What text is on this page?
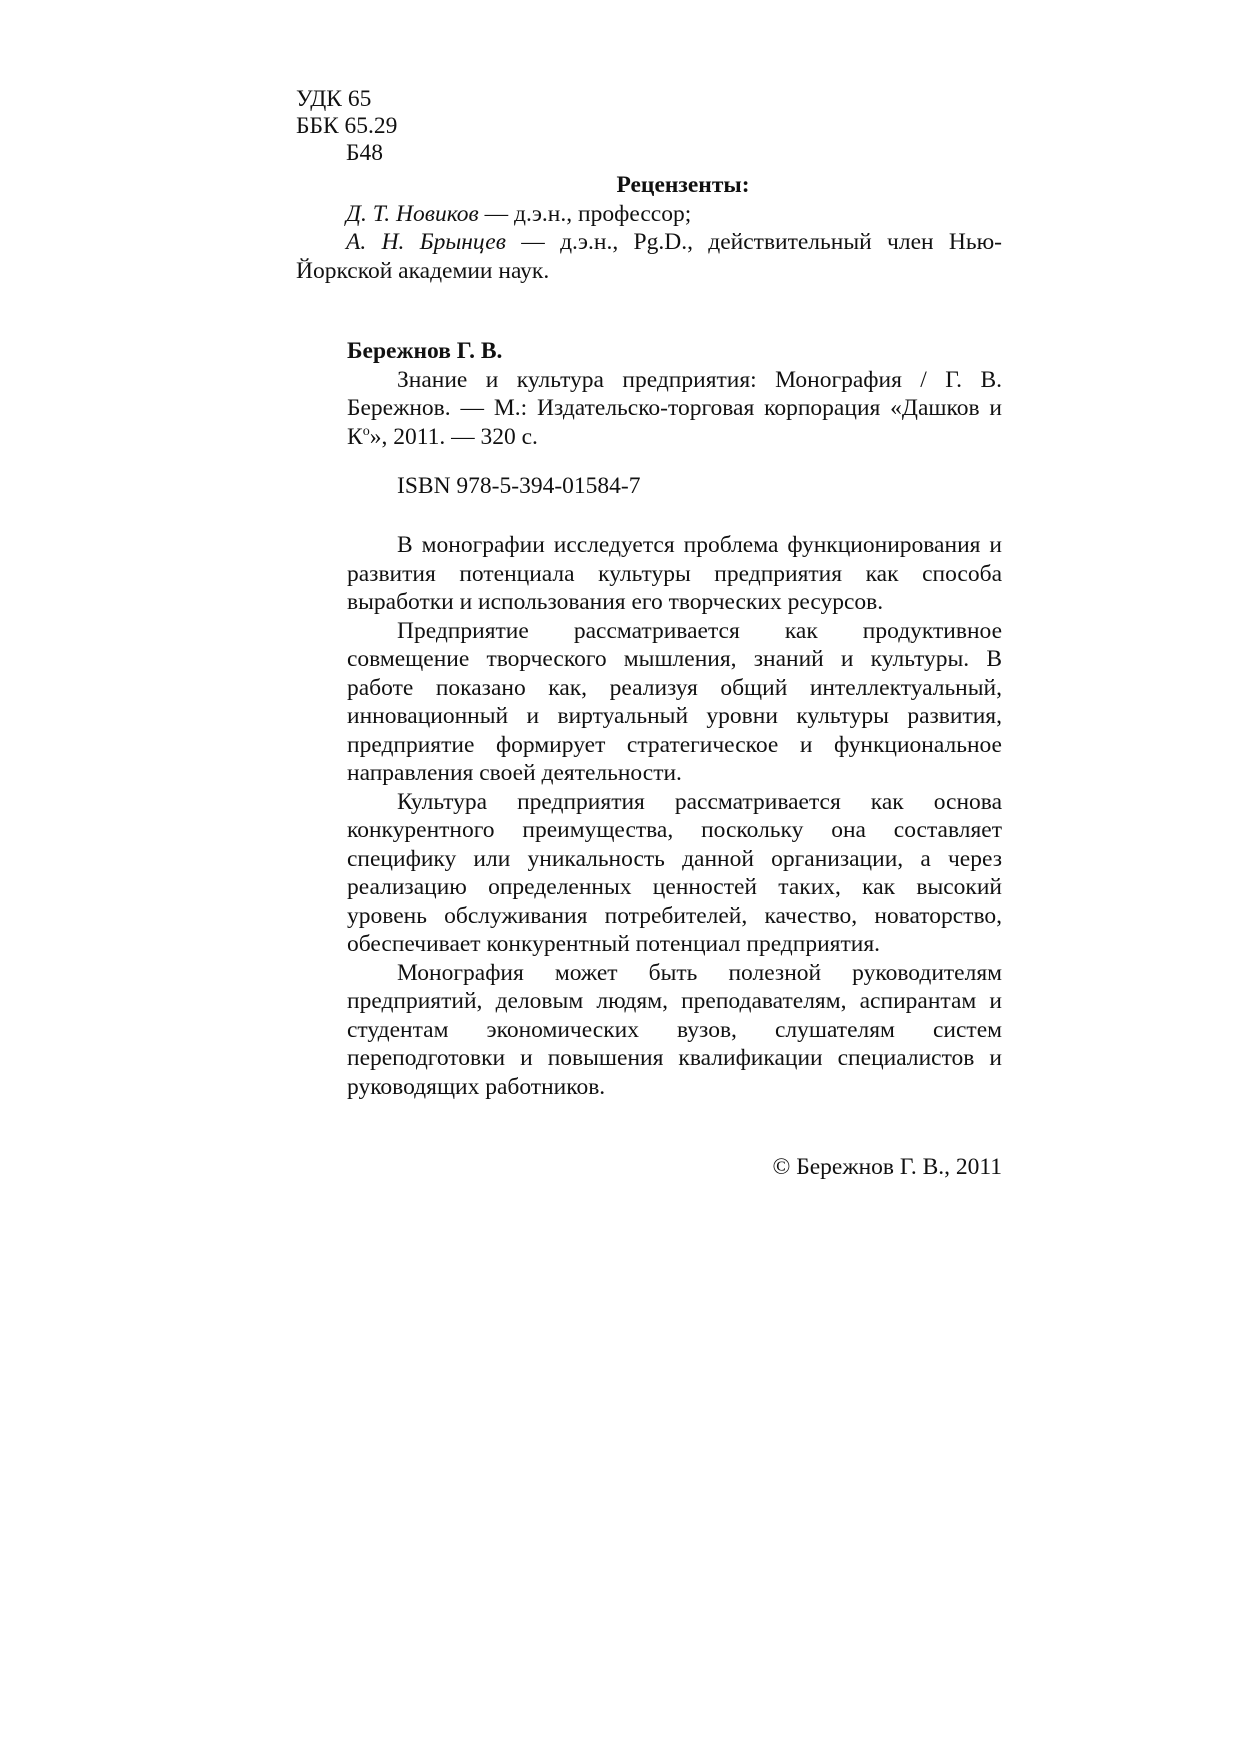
УДК 65
ББК 65.29
Б48
Рецензенты:
Д. Т. Новиков — д.э.н., профессор;
А. Н. Брынцев — д.э.н., Pg.D., действительный член Нью-Йоркской академии наук.
Бережнов Г. В.
Знание и культура предприятия: Монография / Г. В. Бережнов. — М.: Издательско-торговая корпорация «Дашков и $К^о$», 2011. — 320 с.
ISBN 978-5-394-01584-7

В монографии исследуется проблема функционирования и развития потенциала культуры предприятия как способа выработки и использования его творческих ресурсов.

Предприятие рассматривается как продуктивное совмещение творческого мышления, знаний и культуры. В работе показано как, реализуя общий интеллектуальный, инновационный и виртуальный уровни культуры развития, предприятие формирует стратегическое и функциональное направления своей деятельности.

Культура предприятия рассматривается как основа конкурентного преимущества, поскольку она составляет специфику или уникальность данной организации, а через реализацию определенных ценностей таких, как высокий уровень обслуживания потребителей, качество, новаторство, обеспечивает конкурентный потенциал предприятия.

Монография может быть полезной руководителям предприятий, деловым людям, преподавателям, аспирантам и студентам экономических вузов, слушателям систем переподготовки и повышения квалификации специалистов и руководящих работников.

© Бережнов Г. В., 2011
